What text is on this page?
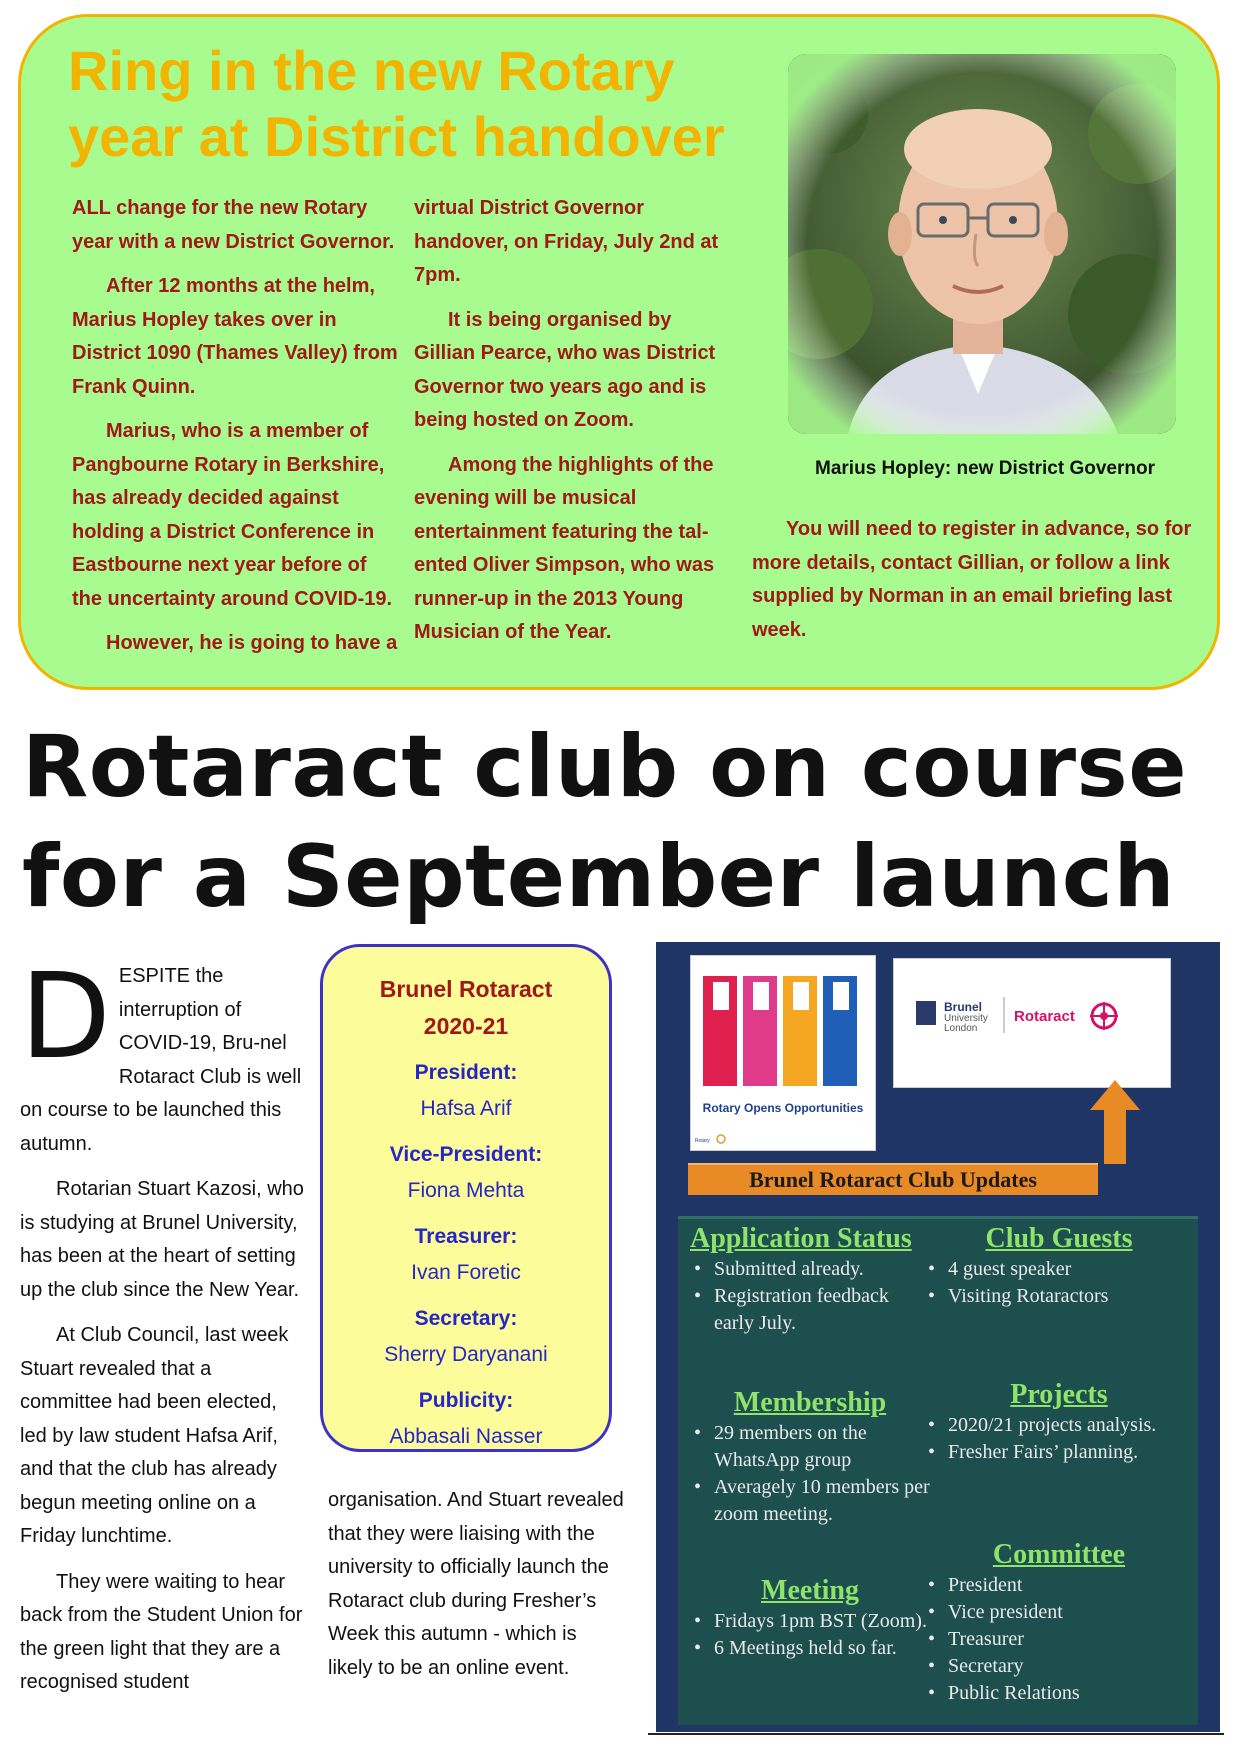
Ring in the new Rotary year at District handover

ALL change for the new Rotary year with a new District Governor.

After 12 months at the helm, Marius Hopley takes over in District 1090 (Thames Valley) from Frank Quinn.

Marius, who is a member of Pangbourne Rotary in Berkshire, has already decided against holding a District Conference in Eastbourne next year before of the uncertainty around COVID-19.

However, he is going to have a

virtual District Governor handover, on Friday, July 2nd at 7pm.

It is being organised by Gillian Pearce, who was District Governor two years ago and is being hosted on Zoom.

Among the highlights of the evening will be musical entertainment featuring the tal-ented Oliver Simpson, who was runner-up in the 2013 Young Musician of the Year.

You will need to register in advance, so for more details, contact Gillian, or follow a link supplied by Norman in an email briefing last week.

Marius Hopley: new District Governor
Rotaract club on course
for a September launch

DESPITE the interruption of COVID-19, Bru-nel Rotaract Club is well on course to be launched this autumn.

Rotarian Stuart Kazosi, who is studying at Brunel University, has been at the heart of setting up the club since the New Year.

At Club Council, last week Stuart revealed that a committee had been elected, led by law student Hafsa Arif, and that the club has already begun meeting online on a Friday lunchtime.

They were waiting to hear back from the Student Union for the green light that they are a recognised student

Brunel Rotaract
2020-21
President:
Hafsa Arif
Vice-President:
Fiona Mehta
Treasurer:
Ivan Foretic
Secretary:
Sherry Daryanani
Publicity:
Abbasali Nasser

organisation. And Stuart revealed that they were liaising with the university to officially launch the Rotaract club during Fresher’s Week this autumn - which is likely to be an online event.

Rotary Opens Opportunities
Rotary
Brunel
University
London
Rotaract
Brunel Rotaract Club Updates
Application Status
• Submitted already.
• Registration feedback early July.
Club Guests
• 4 guest speaker
• Visiting Rotaractors
Membership
• 29 members on the WhatsApp group
• Averagely 10 members per zoom meeting.
Projects
• 2020/21 projects analysis.
• Fresher Fairs’ planning.
Meeting
• Fridays 1pm BST (Zoom).
• 6 Meetings held so far.
Committee
• President
• Vice president
• Treasurer
• Secretary
• Public Relations
